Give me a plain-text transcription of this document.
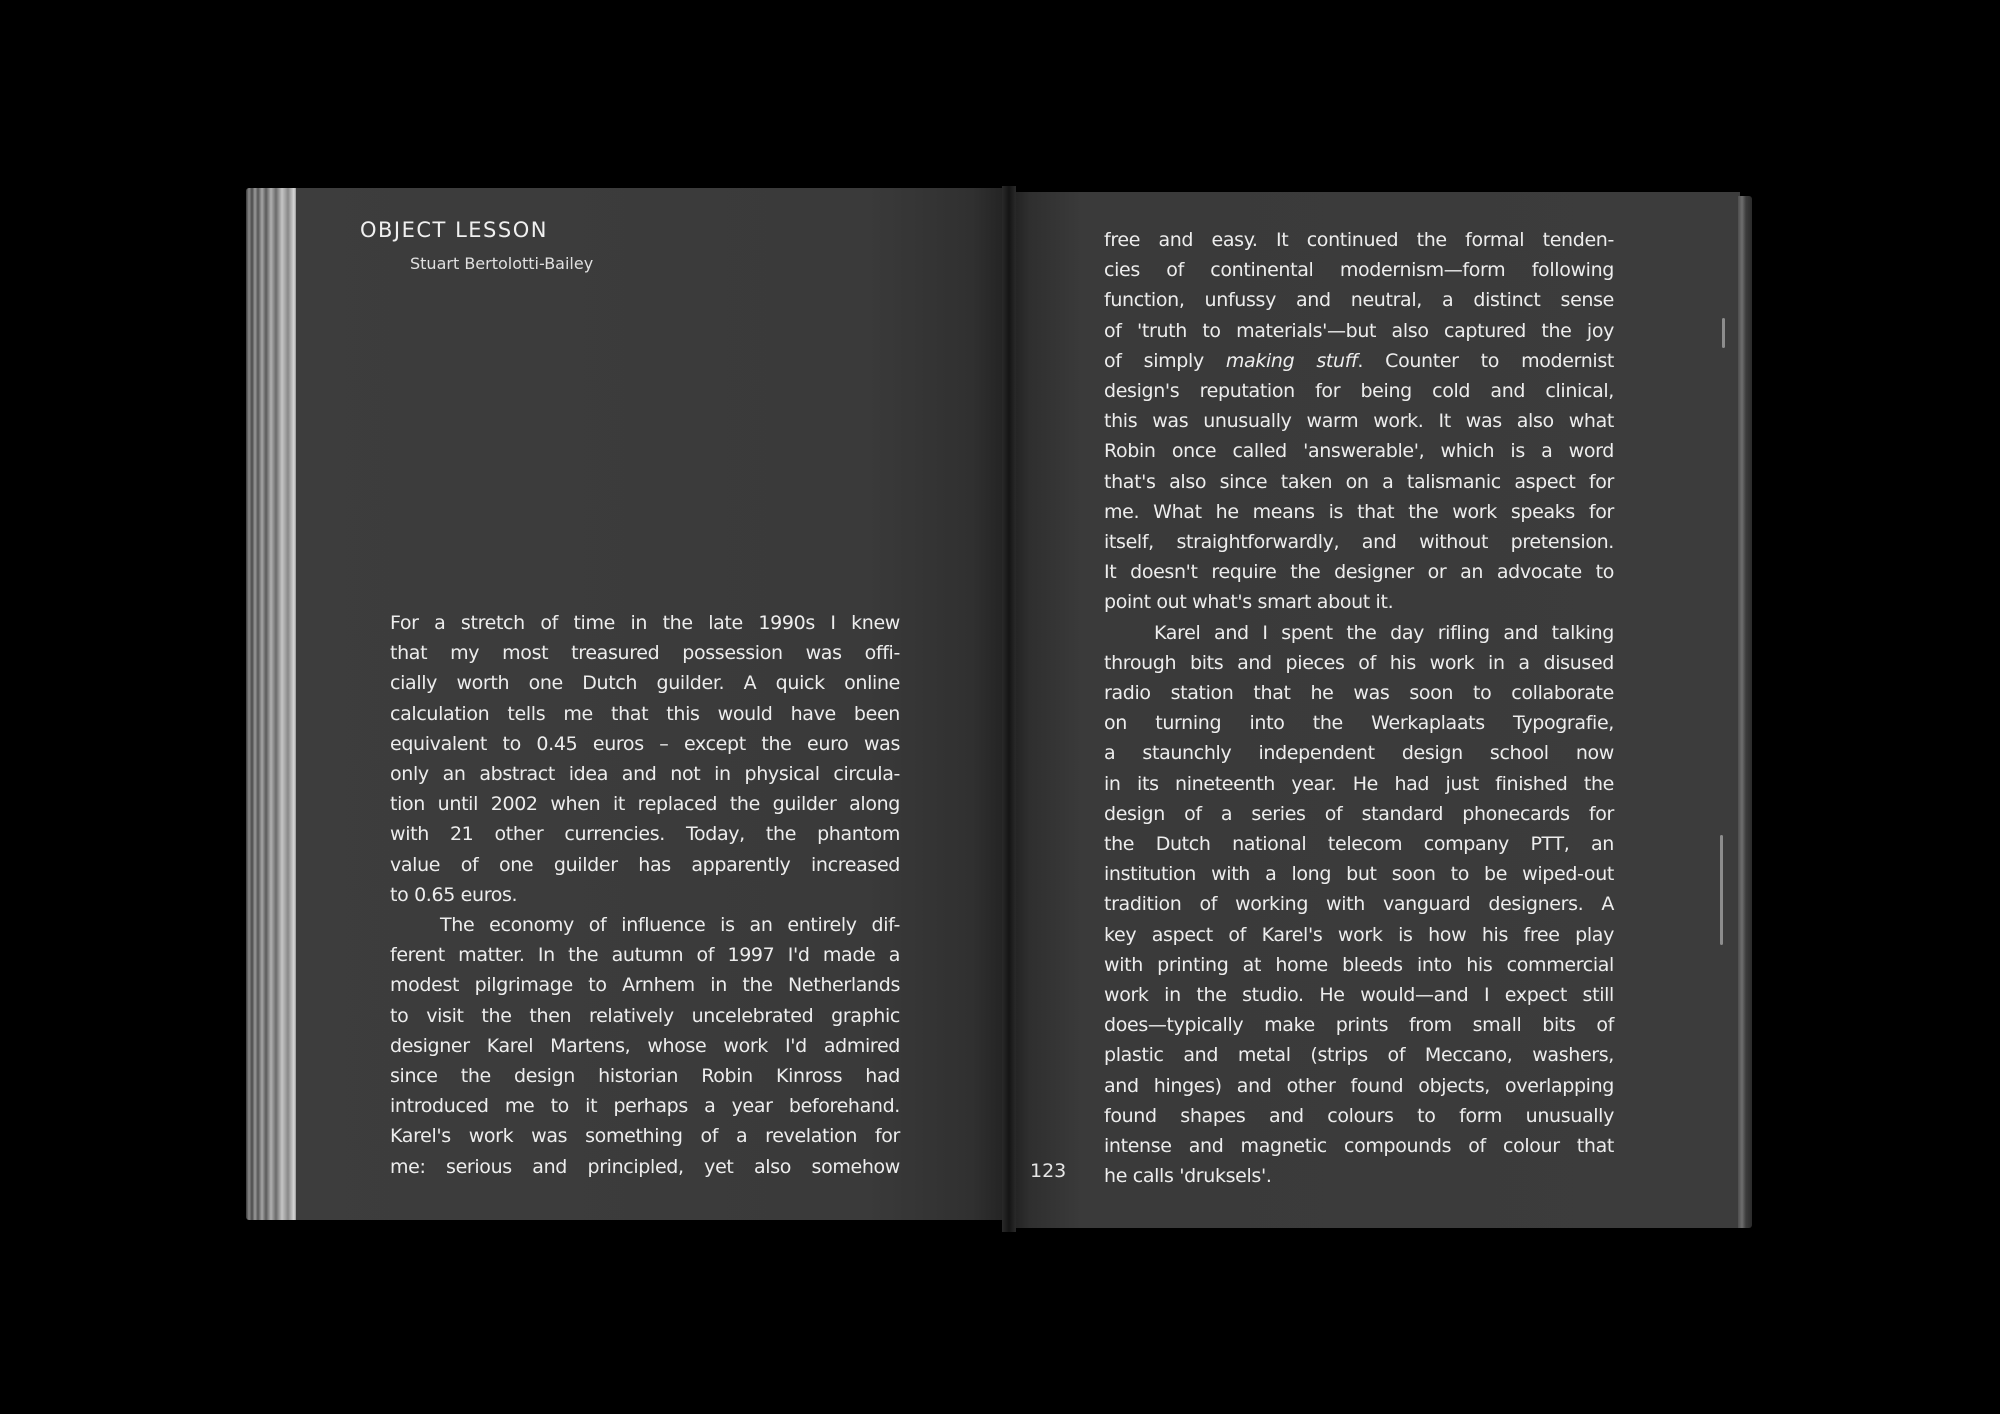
OBJECT LESSON
Stuart Bertolotti-Bailey
For a stretch of time in the late 1990s I knew
that my most treasured possession was offi-
cially worth one Dutch guilder. A quick online
calculation tells me that this would have been
equivalent to 0.45 euros – except the euro was
only an abstract idea and not in physical circula-
tion until 2002 when it replaced the guilder along
with 21 other currencies. Today, the phantom
value of one guilder has apparently increased
to 0.65 euros.
The economy of influence is an entirely dif-
ferent matter. In the autumn of 1997 I'd made a
modest pilgrimage to Arnhem in the Netherlands
to visit the then relatively uncelebrated graphic
designer Karel Martens, whose work I'd admired
since the design historian Robin Kinross had
introduced me to it perhaps a year beforehand.
Karel's work was something of a revelation for
me: serious and principled, yet also somehow
free and easy. It continued the formal tenden-
cies of continental modernism—form following
function, unfussy and neutral, a distinct sense
of 'truth to materials'—but also captured the joy
of simply making stuff. Counter to modernist
design's reputation for being cold and clinical,
this was unusually warm work. It was also what
Robin once called 'answerable', which is a word
that's also since taken on a talismanic aspect for
me. What he means is that the work speaks for
itself, straightforwardly, and without pretension.
It doesn't require the designer or an advocate to
point out what's smart about it.
Karel and I spent the day rifling and talking
through bits and pieces of his work in a disused
radio station that he was soon to collaborate
on turning into the Werkaplaats Typografie,
a staunchly independent design school now
in its nineteenth year. He had just finished the
design of a series of standard phonecards for
the Dutch national telecom company PTT, an
institution with a long but soon to be wiped-out
tradition of working with vanguard designers. A
key aspect of Karel's work is how his free play
with printing at home bleeds into his commercial
work in the studio. He would—and I expect still
does—typically make prints from small bits of
plastic and metal (strips of Meccano, washers,
and hinges) and other found objects, overlapping
found shapes and colours to form unusually
intense and magnetic compounds of colour that
he calls 'druksels'.
123
